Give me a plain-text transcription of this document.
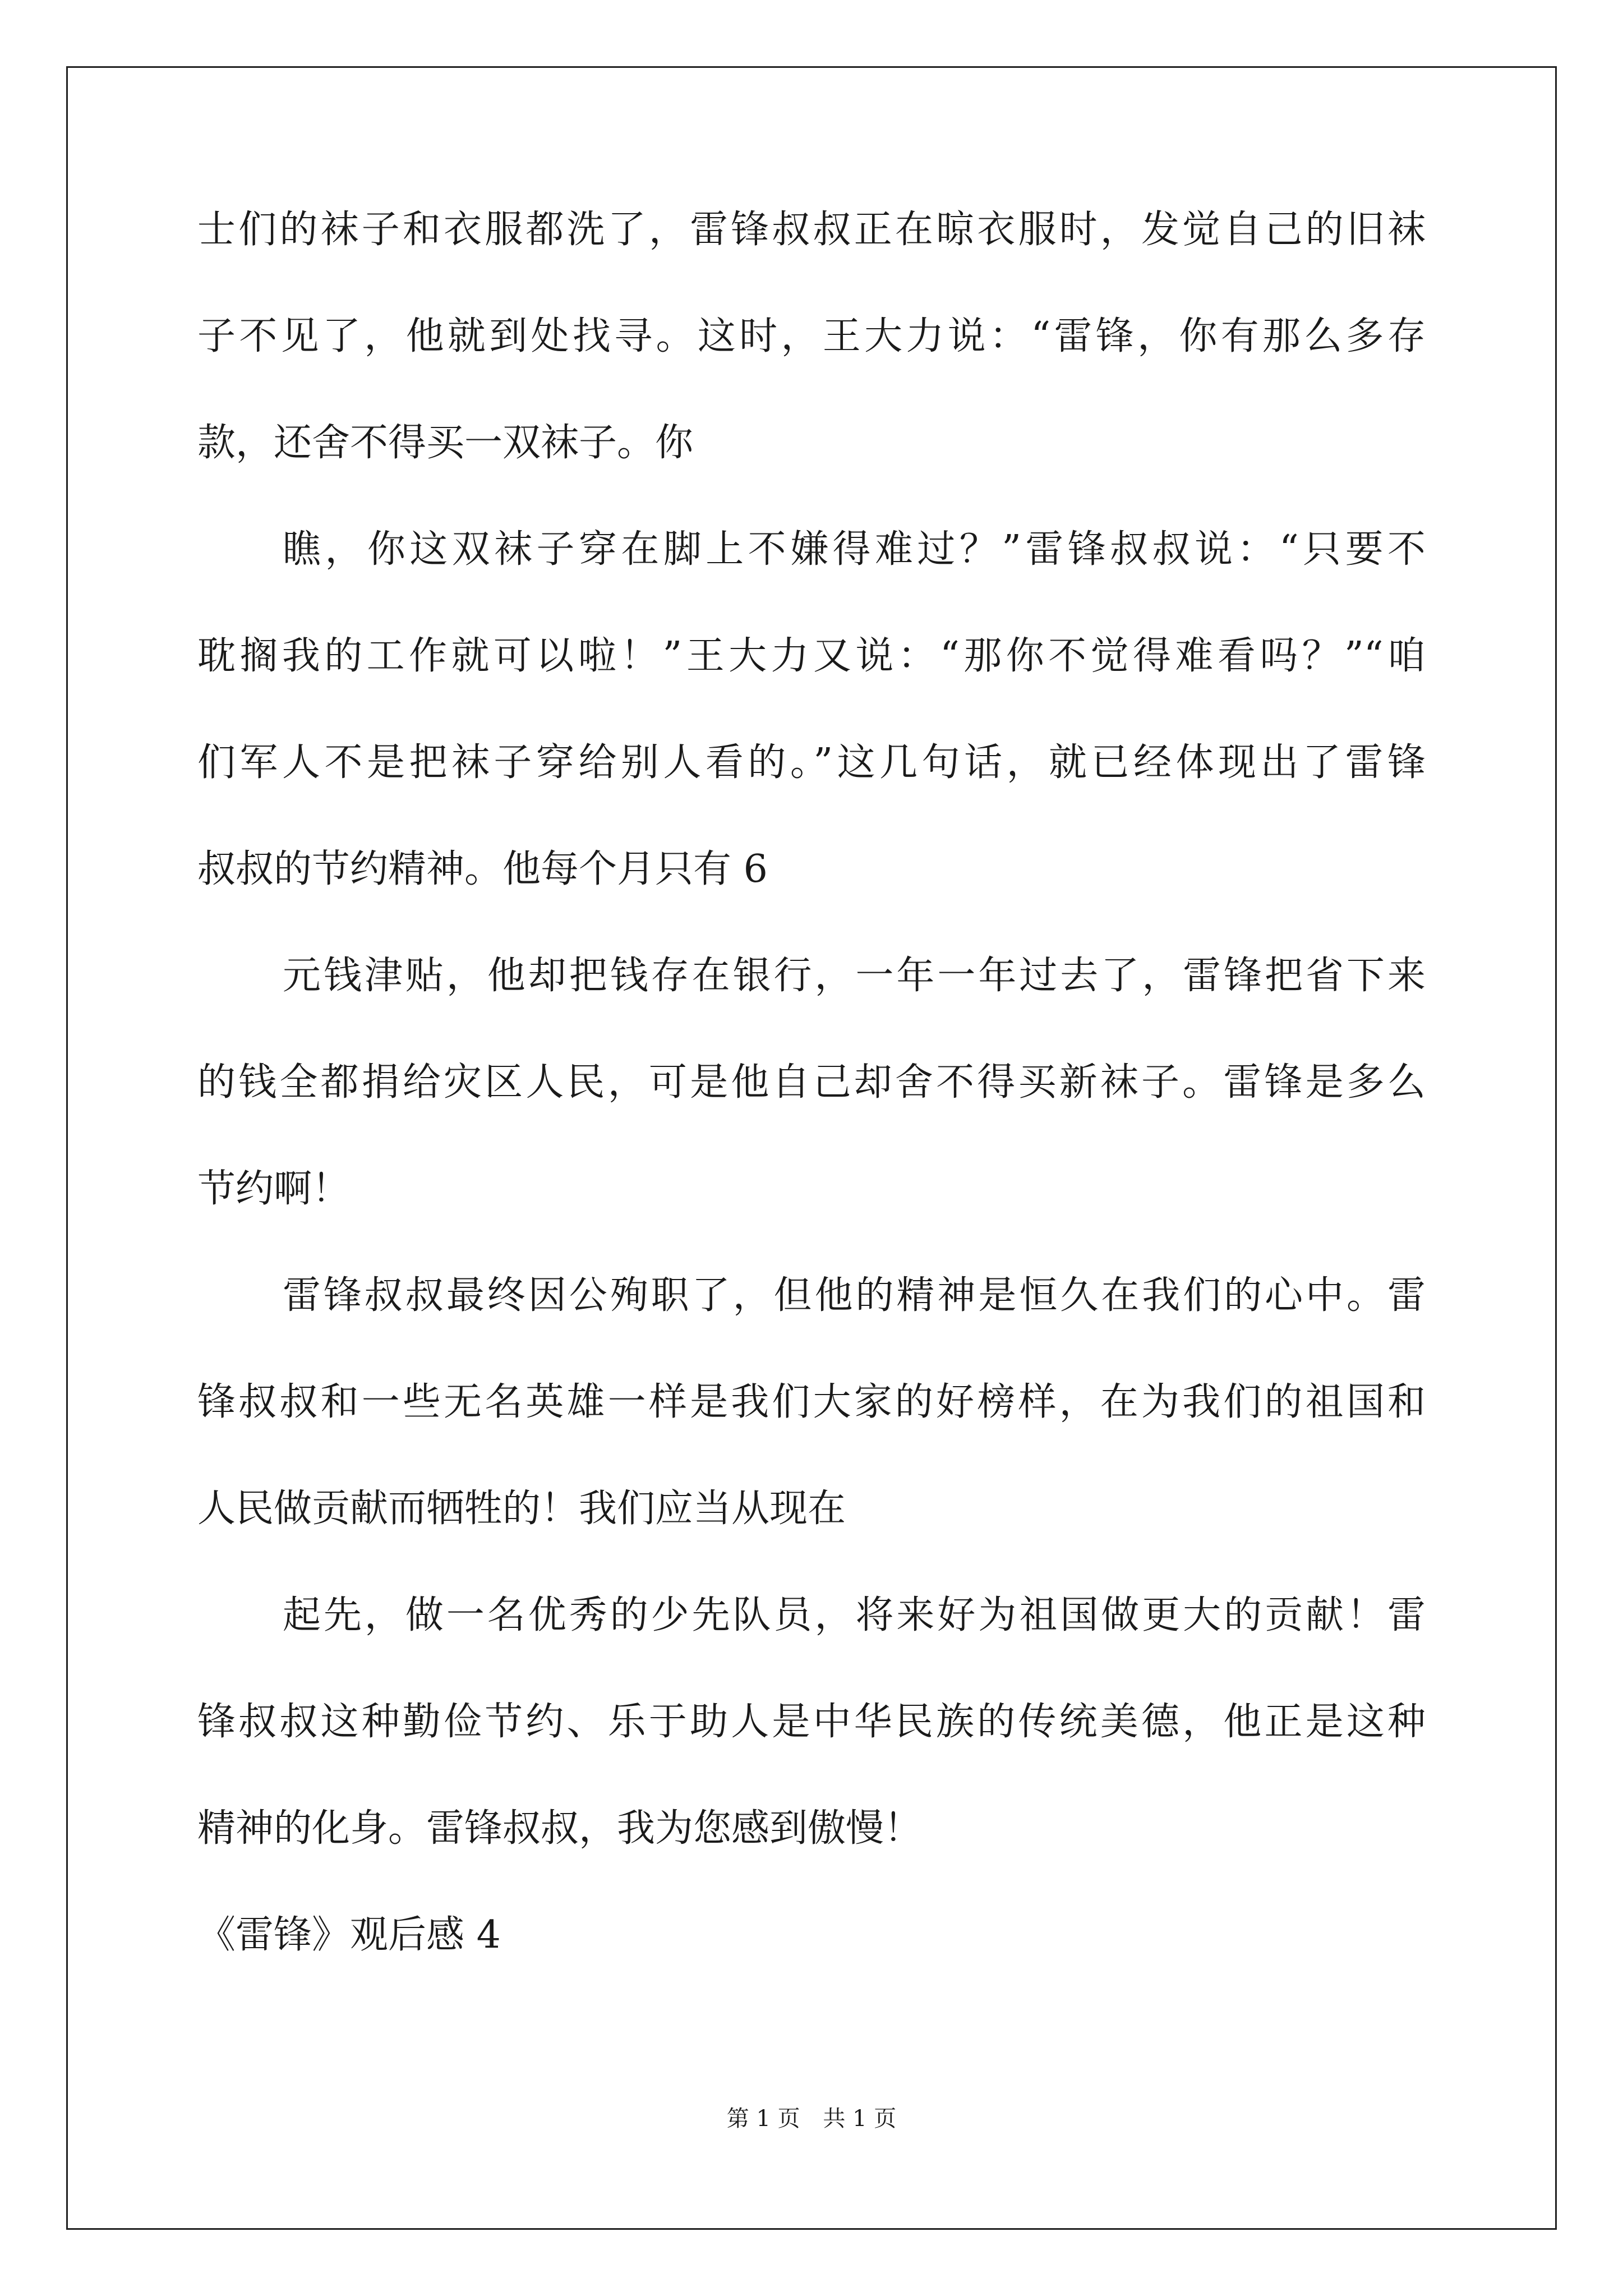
士们的袜子和衣服都洗了，雷锋叔叔正在晾衣服时，发觉自己的旧袜
子不见了，他就到处找寻。这时，王大力说：“雷锋，你有那么多存
款，还舍不得买一双袜子。你
瞧，你这双袜子穿在脚上不嫌得难过？”雷锋叔叔说：“只要不
耽搁我的工作就可以啦！”王大力又说：“那你不觉得难看吗？”“咱
们军人不是把袜子穿给别人看的。”这几句话，就已经体现出了雷锋
叔叔的节约精神。他每个月只有 6
元钱津贴，他却把钱存在银行，一年一年过去了，雷锋把省下来
的钱全都捐给灾区人民，可是他自己却舍不得买新袜子。雷锋是多么
节约啊！
雷锋叔叔最终因公殉职了，但他的精神是恒久在我们的心中。雷
锋叔叔和一些无名英雄一样是我们大家的好榜样，在为我们的祖国和
人民做贡献而牺牲的！我们应当从现在
起先，做一名优秀的少先队员，将来好为祖国做更大的贡献！雷
锋叔叔这种勤俭节约、乐于助人是中华民族的传统美德，他正是这种
精神的化身。雷锋叔叔，我为您感到傲慢！
《雷锋》观后感 4
第 1 页 共 1 页
